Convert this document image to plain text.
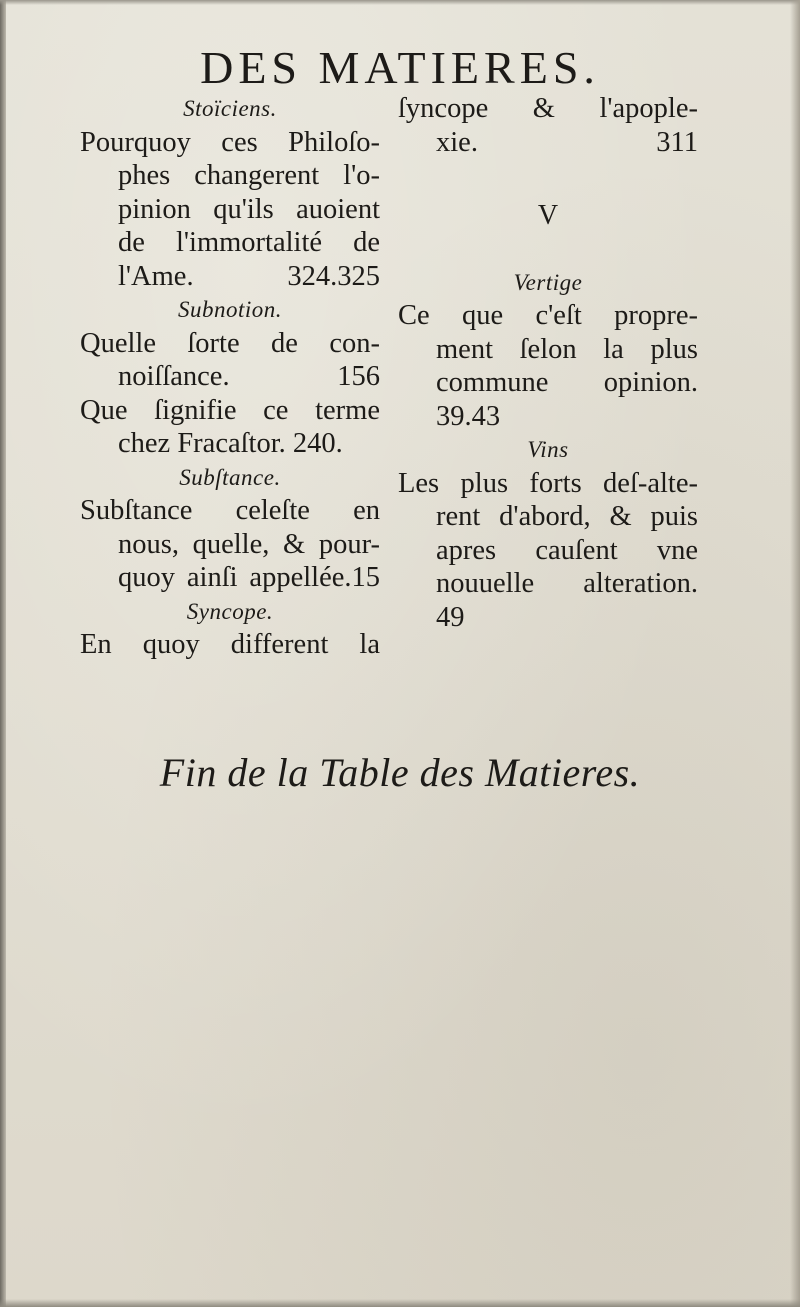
DES MATIERES.
Stoïciens.
Pourquoy ces Philoſo-
phes changerent l'o-
pinion qu'ils auoient
de l'immortalité de
l'Ame.	324.325
Subnotion.
Quelle ſorte de con-
noiſſance.	156
Que ſignifie ce terme
chez Fracaſtor. 240.
Subſtance.
Subſtance celeſte en
nous, quelle, & pour-
quoy ainſi appellée.15
Syncope.
En quoy different la
ſyncope & l'apople-
xie.	311
V
Vertige
Ce que c'eſt propre-
ment ſelon la plus
commune opinion.
39.43
Vins
Les plus forts deſ-alte-
rent d'abord, & puis
apres cauſent vne
nouuelle alteration.
49
Fin de la Table des Matieres.
